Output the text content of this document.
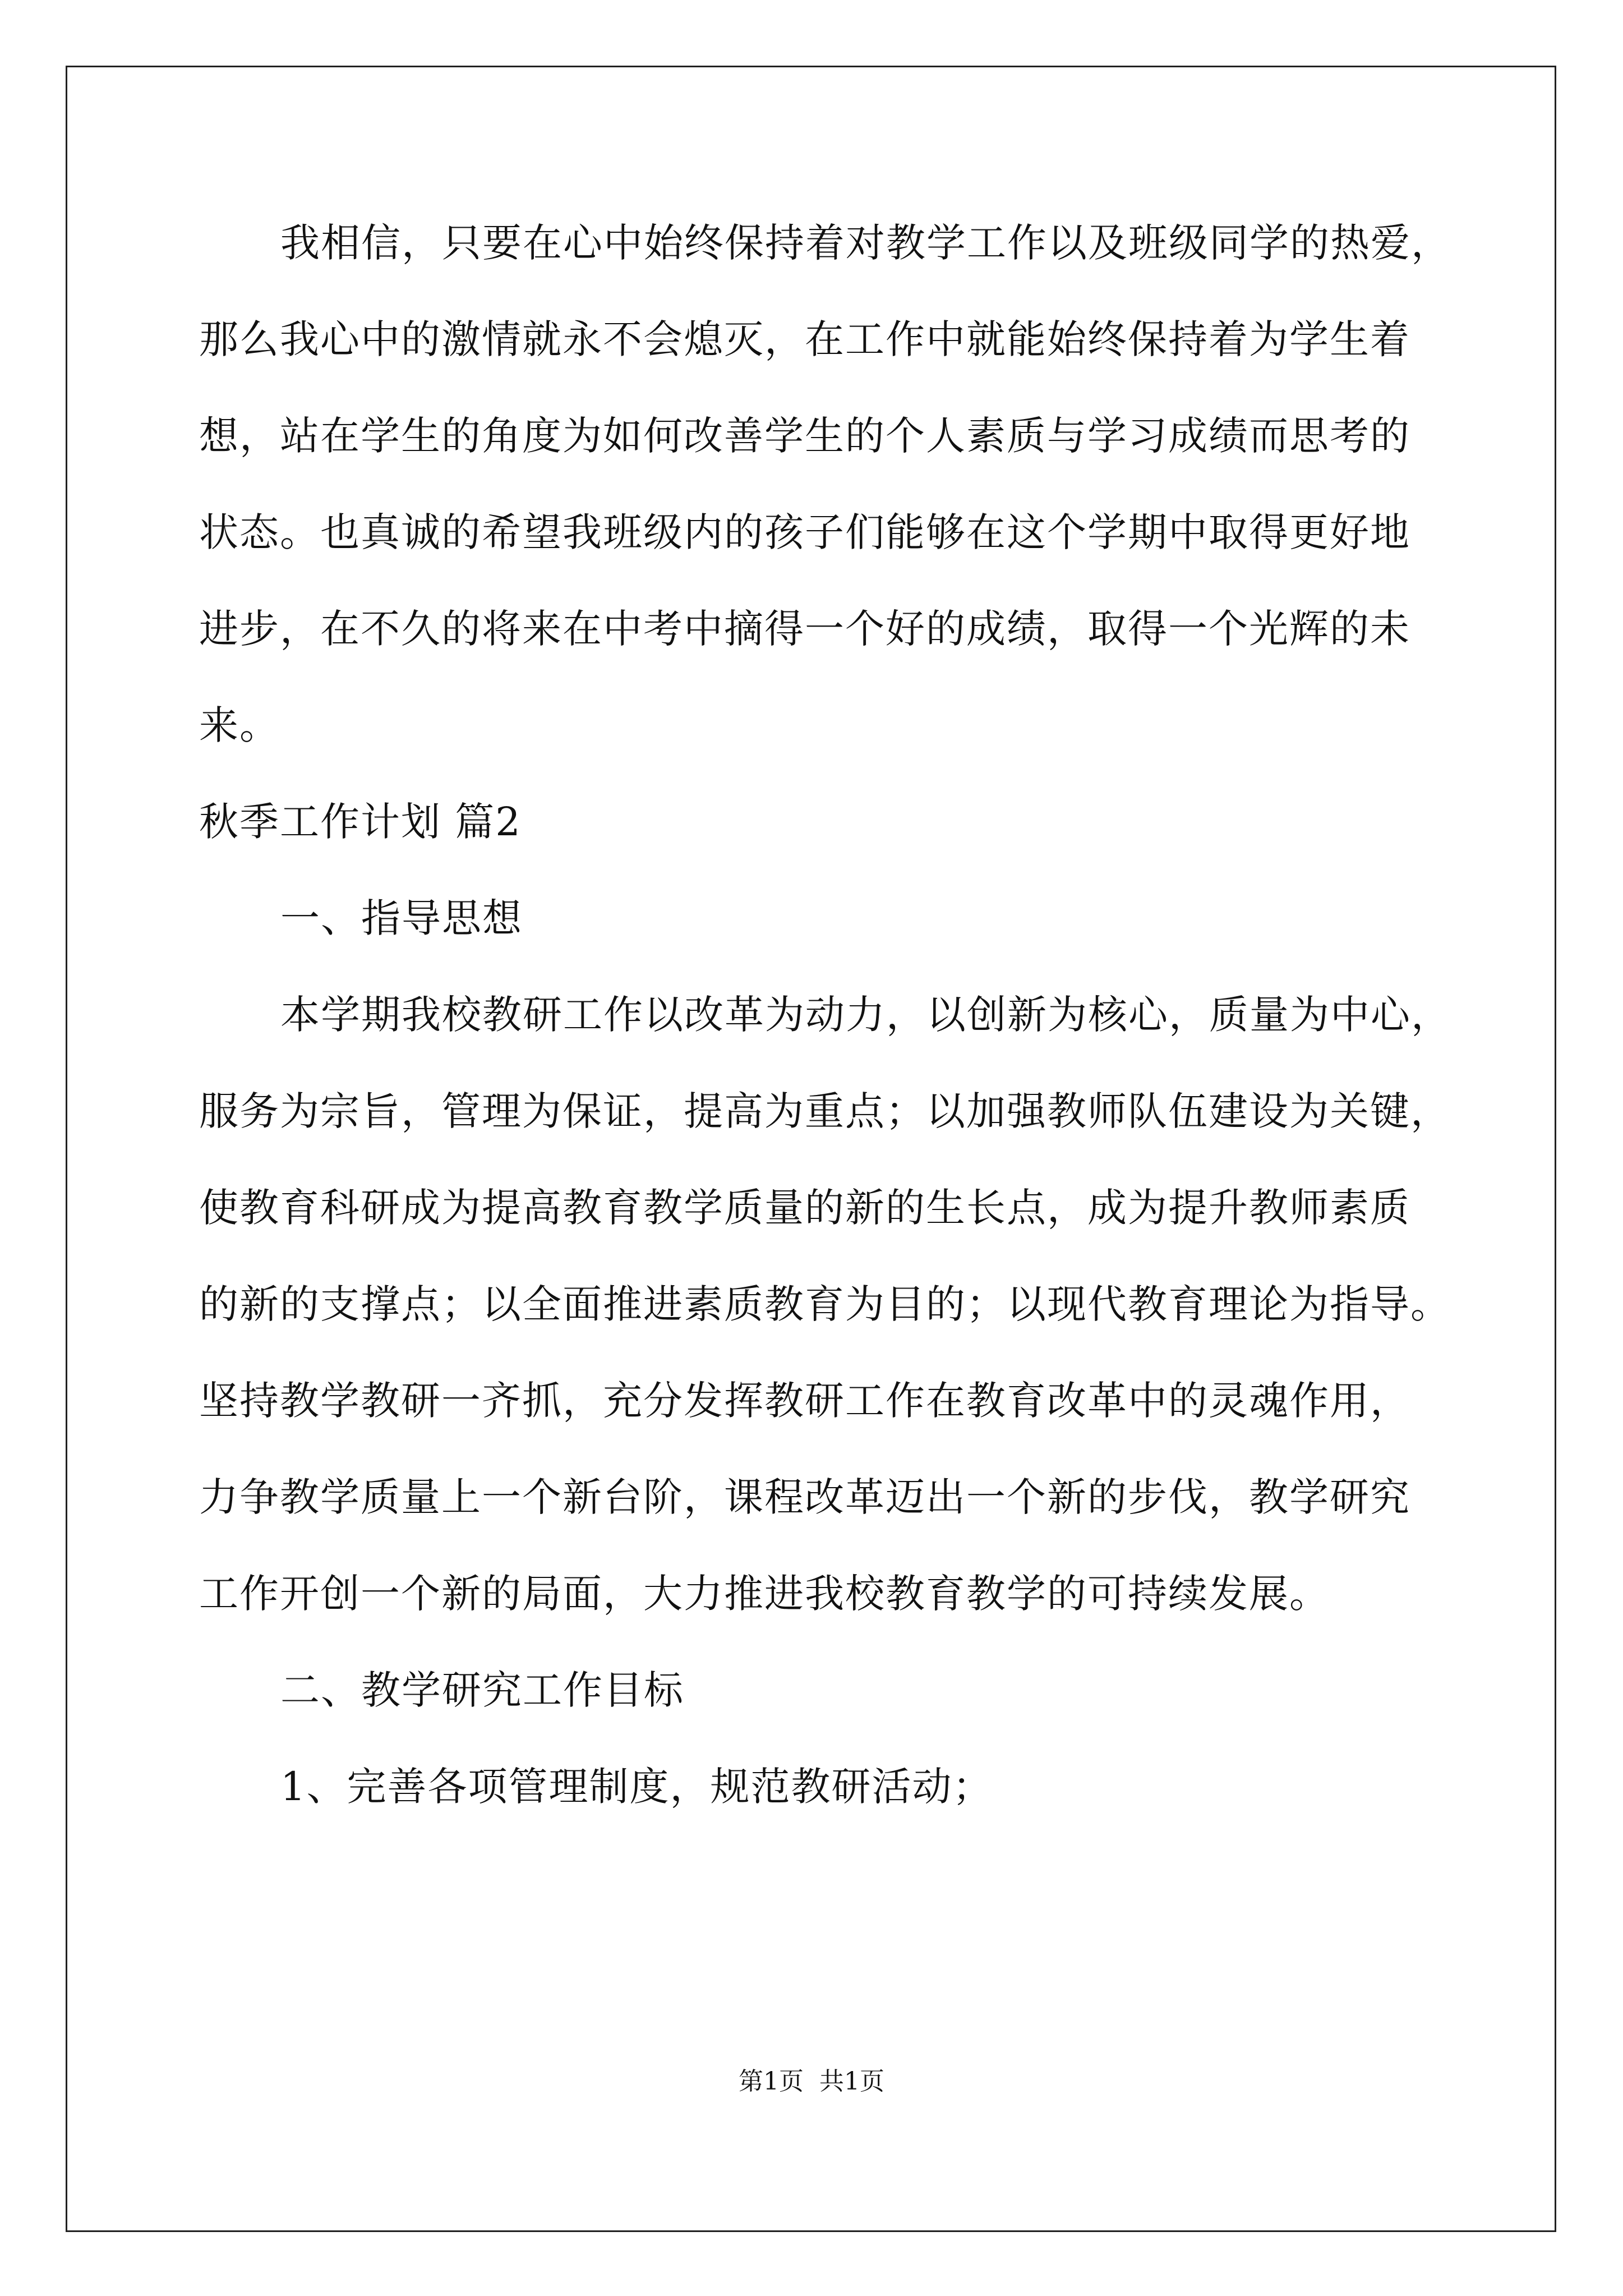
我相信，只要在心中始终保持着对教学工作以及班级同学的热爱，
那么我心中的激情就永不会熄灭，在工作中就能始终保持着为学生着
想，站在学生的角度为如何改善学生的个人素质与学习成绩而思考的
状态。也真诚的希望我班级内的孩子们能够在这个学期中取得更好地
进步，在不久的将来在中考中摘得一个好的成绩，取得一个光辉的未
来。
秋季工作计划 篇2
一、指导思想
本学期我校教研工作以改革为动力，以创新为核心，质量为中心，
服务为宗旨，管理为保证，提高为重点；以加强教师队伍建设为关键，
使教育科研成为提高教育教学质量的新的生长点，成为提升教师素质
的新的支撑点；以全面推进素质教育为目的；以现代教育理论为指导。
坚持教学教研一齐抓，充分发挥教研工作在教育改革中的灵魂作用，
力争教学质量上一个新台阶，课程改革迈出一个新的步伐，教学研究
工作开创一个新的局面，大力推进我校教育教学的可持续发展。
二、教学研究工作目标
1、完善各项管理制度，规范教研活动；
第1页  共1页
